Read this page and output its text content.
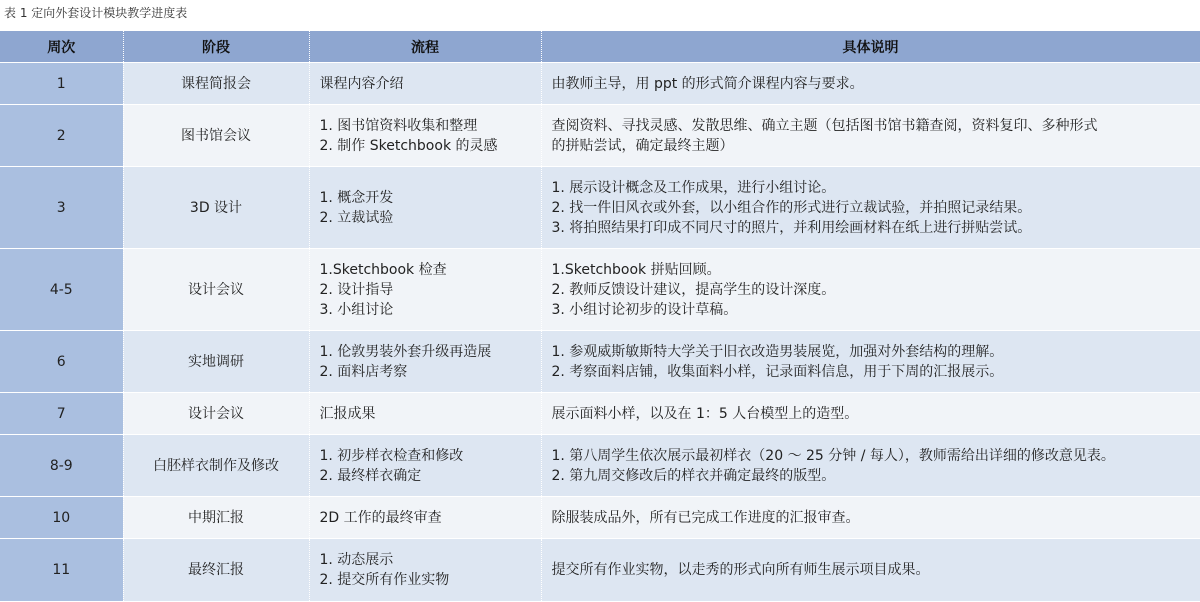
表 1 定向外套设计模块教学进度表
周次	阶段	流程	具体说明
1	课程简报会	课程内容介绍	由教师主导，用 ppt 的形式简介课程内容与要求。

2	图书馆会议	1. 图书馆资料收集和整理
2. 制作 Sketchbook 的灵感	查阅资料、寻找灵感、发散思维、确立主题（包括图书馆书籍查阅，资料复印、多种形式
的拼贴尝试，确定最终主题）

3	3D 设计	1. 概念开发
2. 立裁试验	1. 展示设计概念及工作成果，进行小组讨论。
2. 找一件旧风衣或外套，以小组合作的形式进行立裁试验，并拍照记录结果。
3. 将拍照结果打印成不同尺寸的照片，并利用绘画材料在纸上进行拼贴尝试。

4-5	设计会议	1.Sketchbook 检查
2. 设计指导
3. 小组讨论	1.Sketchbook 拼贴回顾。
2. 教师反馈设计建议，提高学生的设计深度。
3. 小组讨论初步的设计草稿。

6	实地调研	1. 伦敦男装外套升级再造展
2. 面料店考察	1. 参观威斯敏斯特大学关于旧衣改造男装展览，加强对外套结构的理解。
2. 考察面料店铺，收集面料小样，记录面料信息，用于下周的汇报展示。

7	设计会议	汇报成果	展示面料小样，以及在 1：5 人台模型上的造型。

8-9	白胚样衣制作及修改	1. 初步样衣检查和修改
2. 最终样衣确定	1. 第八周学生依次展示最初样衣（20 ～ 25 分钟 / 每人），教师需给出详细的修改意见表。
2. 第九周交修改后的样衣并确定最终的版型。

10	中期汇报	2D 工作的最终审查	除服装成品外，所有已完成工作进度的汇报审查。

11	最终汇报	1. 动态展示
2. 提交所有作业实物	提交所有作业实物，以走秀的形式向所有师生展示项目成果。
